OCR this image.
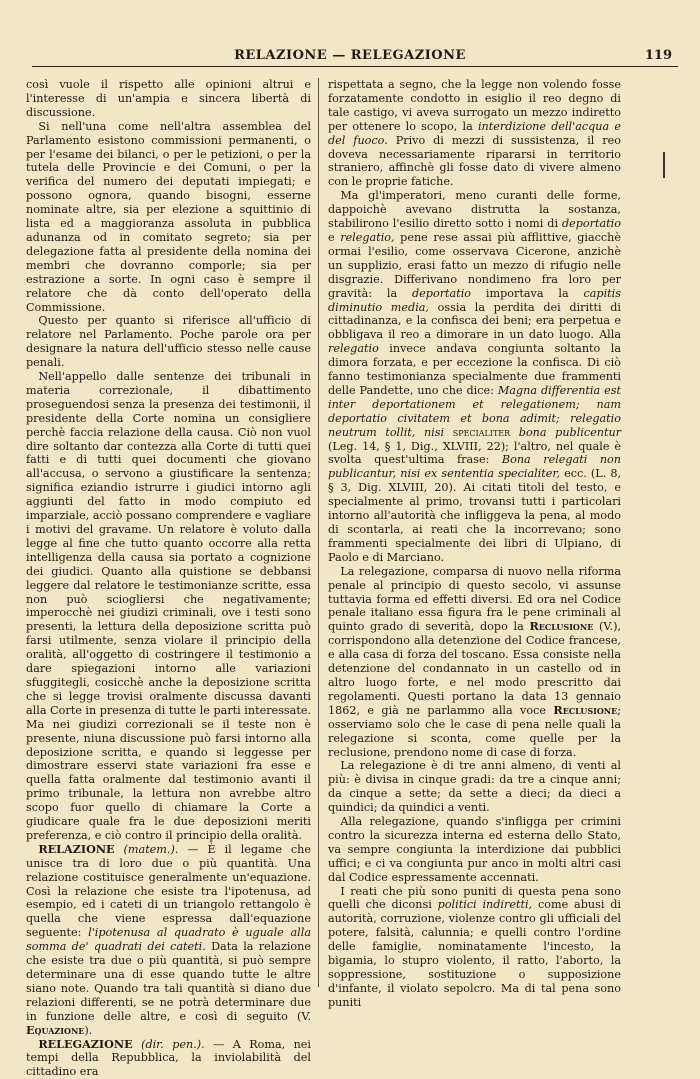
RELAZIONE — RELEGAZIONE	119

così vuole il rispetto alle opinioni altrui e l'interesse di un'ampia e sincera libertà di discussione.

Si nell'una come nell'altra assemblea del Parlamento esistono commissioni permanenti, o per l'esame dei bilanci, o per le petizioni, o per la tutela delle Provincie e dei Comuni, o per la verifica del numero dei deputati impiegati; e possono ognora, quando bisogni, esserne nominate altre, sia per elezione a squittinio di lista ed a maggioranza assoluta in pubblica adunanza od in comitato segreto; sia per delegazione fatta al presidente della nomina dei membri che dovranno comporle; sia per estrazione a sorte. In ogni caso è sempre il relatore che dà conto dell'operato della Commissione.

Questo per quanto si riferisce all'ufficio di relatore nel Parlamento. Poche parole ora per designare la natura dell'ufficio stesso nelle cause penali.

Nell'appello dalle sentenze dei tribunali in materia correzionale, il dibattimento proseguendosi senza la presenza dei testimonii, il presidente della Corte nomina un consigliere perchè faccia relazione della causa. Ciò non vuol dire soltanto dar contezza alla Corte di tutti quei fatti e di tutti quei documenti che giovano all'accusa, o servono a giustificare la sentenza; significa eziandio istrurre i giudici intorno agli aggiunti del fatto in modo compiuto ed imparziale, acciò possano comprendere e vagliare i motivi del gravame. Un relatore è voluto dalla legge al fine che tutto quanto occorre alla retta intelligenza della causa sia portato a cognizione dei giudici. Quanto alla quistione se debbansi leggere dal relatore le testimonianze scritte, essa non può sciogliersi che negativamente; imperocchè nei giudizi criminali, ove i testi sono presenti, la lettura della deposizione scritta può farsi utilmente, senza violare il principio della oralità, all'oggetto di costringere il testimonio a dare spiegazioni intorno alle variazioni sfuggitegli, cosicchè anche la deposizione scritta che si legge trovisi oralmente discussa davanti alla Corte in presenza di tutte le parti interessate. Ma nei giudizi correzionali se il teste non è presente, niuna discussione può farsi intorno alla deposizione scritta, e quando si leggesse per dimostrare esservi state variazioni fra esse e quella fatta oralmente dal testimonio avanti il primo tribunale, la lettura non avrebbe altro scopo fuor quello di chiamare la Corte a giudicare quale fra le due deposizioni meriti preferenza, e ciò contro il principio della oralità.

RELAZIONE (matem.). — È il legame che unisce tra di loro due o più quantità. Una relazione costituisce generalmente un'equazione. Così la relazione che esiste tra l'ipotenusa, ad esempio, ed i cateti di un triangolo rettangolo è quella che viene espressa dall'equazione seguente: l'ipotenusa al quadrato è uguale alla somma de' quadrati dei cateti. Data la relazione che esiste tra due o più quantità, si può sempre determinare una di esse quando tutte le altre siano note. Quando tra tali quantità si diano due relazioni differenti, se ne potrà determinare due in funzione delle altre, e così di seguito (V. Equazione).

RELEGAZIONE (dir. pen.). — A Roma, nei tempi della Repubblica, la inviolabilità del cittadino era

rispettata a segno, che la legge non volendo fosse forzatamente condotto in esiglio il reo degno di tale castigo, vi aveva surrogato un mezzo indiretto per ottenere lo scopo, la interdizione dell'acqua e del fuoco. Privo di mezzi di sussistenza, il reo doveva necessariamente ripararsi in territorio straniero, affinchè gli fosse dato di vivere almeno con le proprie fatiche.

Ma gl'imperatori, meno curanti delle forme, dappoichè avevano distrutta la sostanza, stabilirono l'esilio diretto sotto i nomi di deportatio e relegatio, pene rese assai più afflittive, giacchè ormai l'esilio, come osservava Cicerone, anzichè un supplizio, erasi fatto un mezzo di rifugio nelle disgrazie. Differivano nondimeno fra loro per gravità: la deportatio importava la capitis diminutio media, ossia la perdita dei diritti di cittadinanza, e la confisca dei beni; era perpetua e obbligava il reo a dimorare in un dato luogo. Alla relegatio invece andava congiunta soltanto la dimora forzata, e per eccezione la confisca. Di ciò fanno testimonianza specialmente due frammenti delle Pandette, uno che dice: Magna differentia est inter deportationem et relegationem; nam deportatio civitatem et bona adimit; relegatio neutrum tollit, nisi specialiter bona publicentur (Leg. 14, § 1, Dig., XLVIII, 22); l'altro, nel quale è svolta quest'ultima frase: Bona relegati non publicantur, nisi ex sententia specialiter, ecc. (L. 8, § 3, Dig. XLVIII, 20). Ai citati titoli del testo, e specialmente al primo, trovansi tutti i particolari intorno all'autorità che infliggeva la pena, al modo di scontarla, ai reati che la incorrevano; sono frammenti specialmente dei libri di Ulpiano, di Paolo e di Marciano.

La relegazione, comparsa di nuovo nella riforma penale al principio di questo secolo, vi assunse tuttavia forma ed effetti diversi. Ed ora nel Codice penale italiano essa figura fra le pene criminali al quinto grado di severità, dopo la Reclusione (V.), corrispondono alla detenzione del Codice francese, e alla casa di forza del toscano. Essa consiste nella detenzione del condannato in un castello od in altro luogo forte, e nel modo prescritto dai regolamenti. Questi portano la data 13 gennaio 1862, e già ne parlammo alla voce Reclusione; osserviamo solo che le case di pena nelle quali la relegazione si sconta, come quelle per la reclusione, prendono nome di case di forza.

La relegazione è di tre anni almeno, di venti al più: è divisa in cinque gradi: da tre a cinque anni; da cinque a sette; da sette a dieci; da dieci a quindici; da quindici a venti.

Alla relegazione, quando s'infligga per crimini contro la sicurezza interna ed esterna dello Stato, va sempre congiunta la interdizione dai pubblici uffici; e ci va congiunta pur anco in molti altri casi dal Codice espressamente accennati.

I reati che più sono puniti di questa pena sono quelli che diconsi politici indiretti, come abusi di autorità, corruzione, violenze contro gli ufficiali del potere, falsità, calunnia; e quelli contro l'ordine delle famiglie, nominatamente l'incesto, la bigamia, lo stupro violento, il ratto, l'aborto, la soppressione, sostituzione o supposizione d'infante, il violato sepolcro. Ma di tal pena sono puniti
